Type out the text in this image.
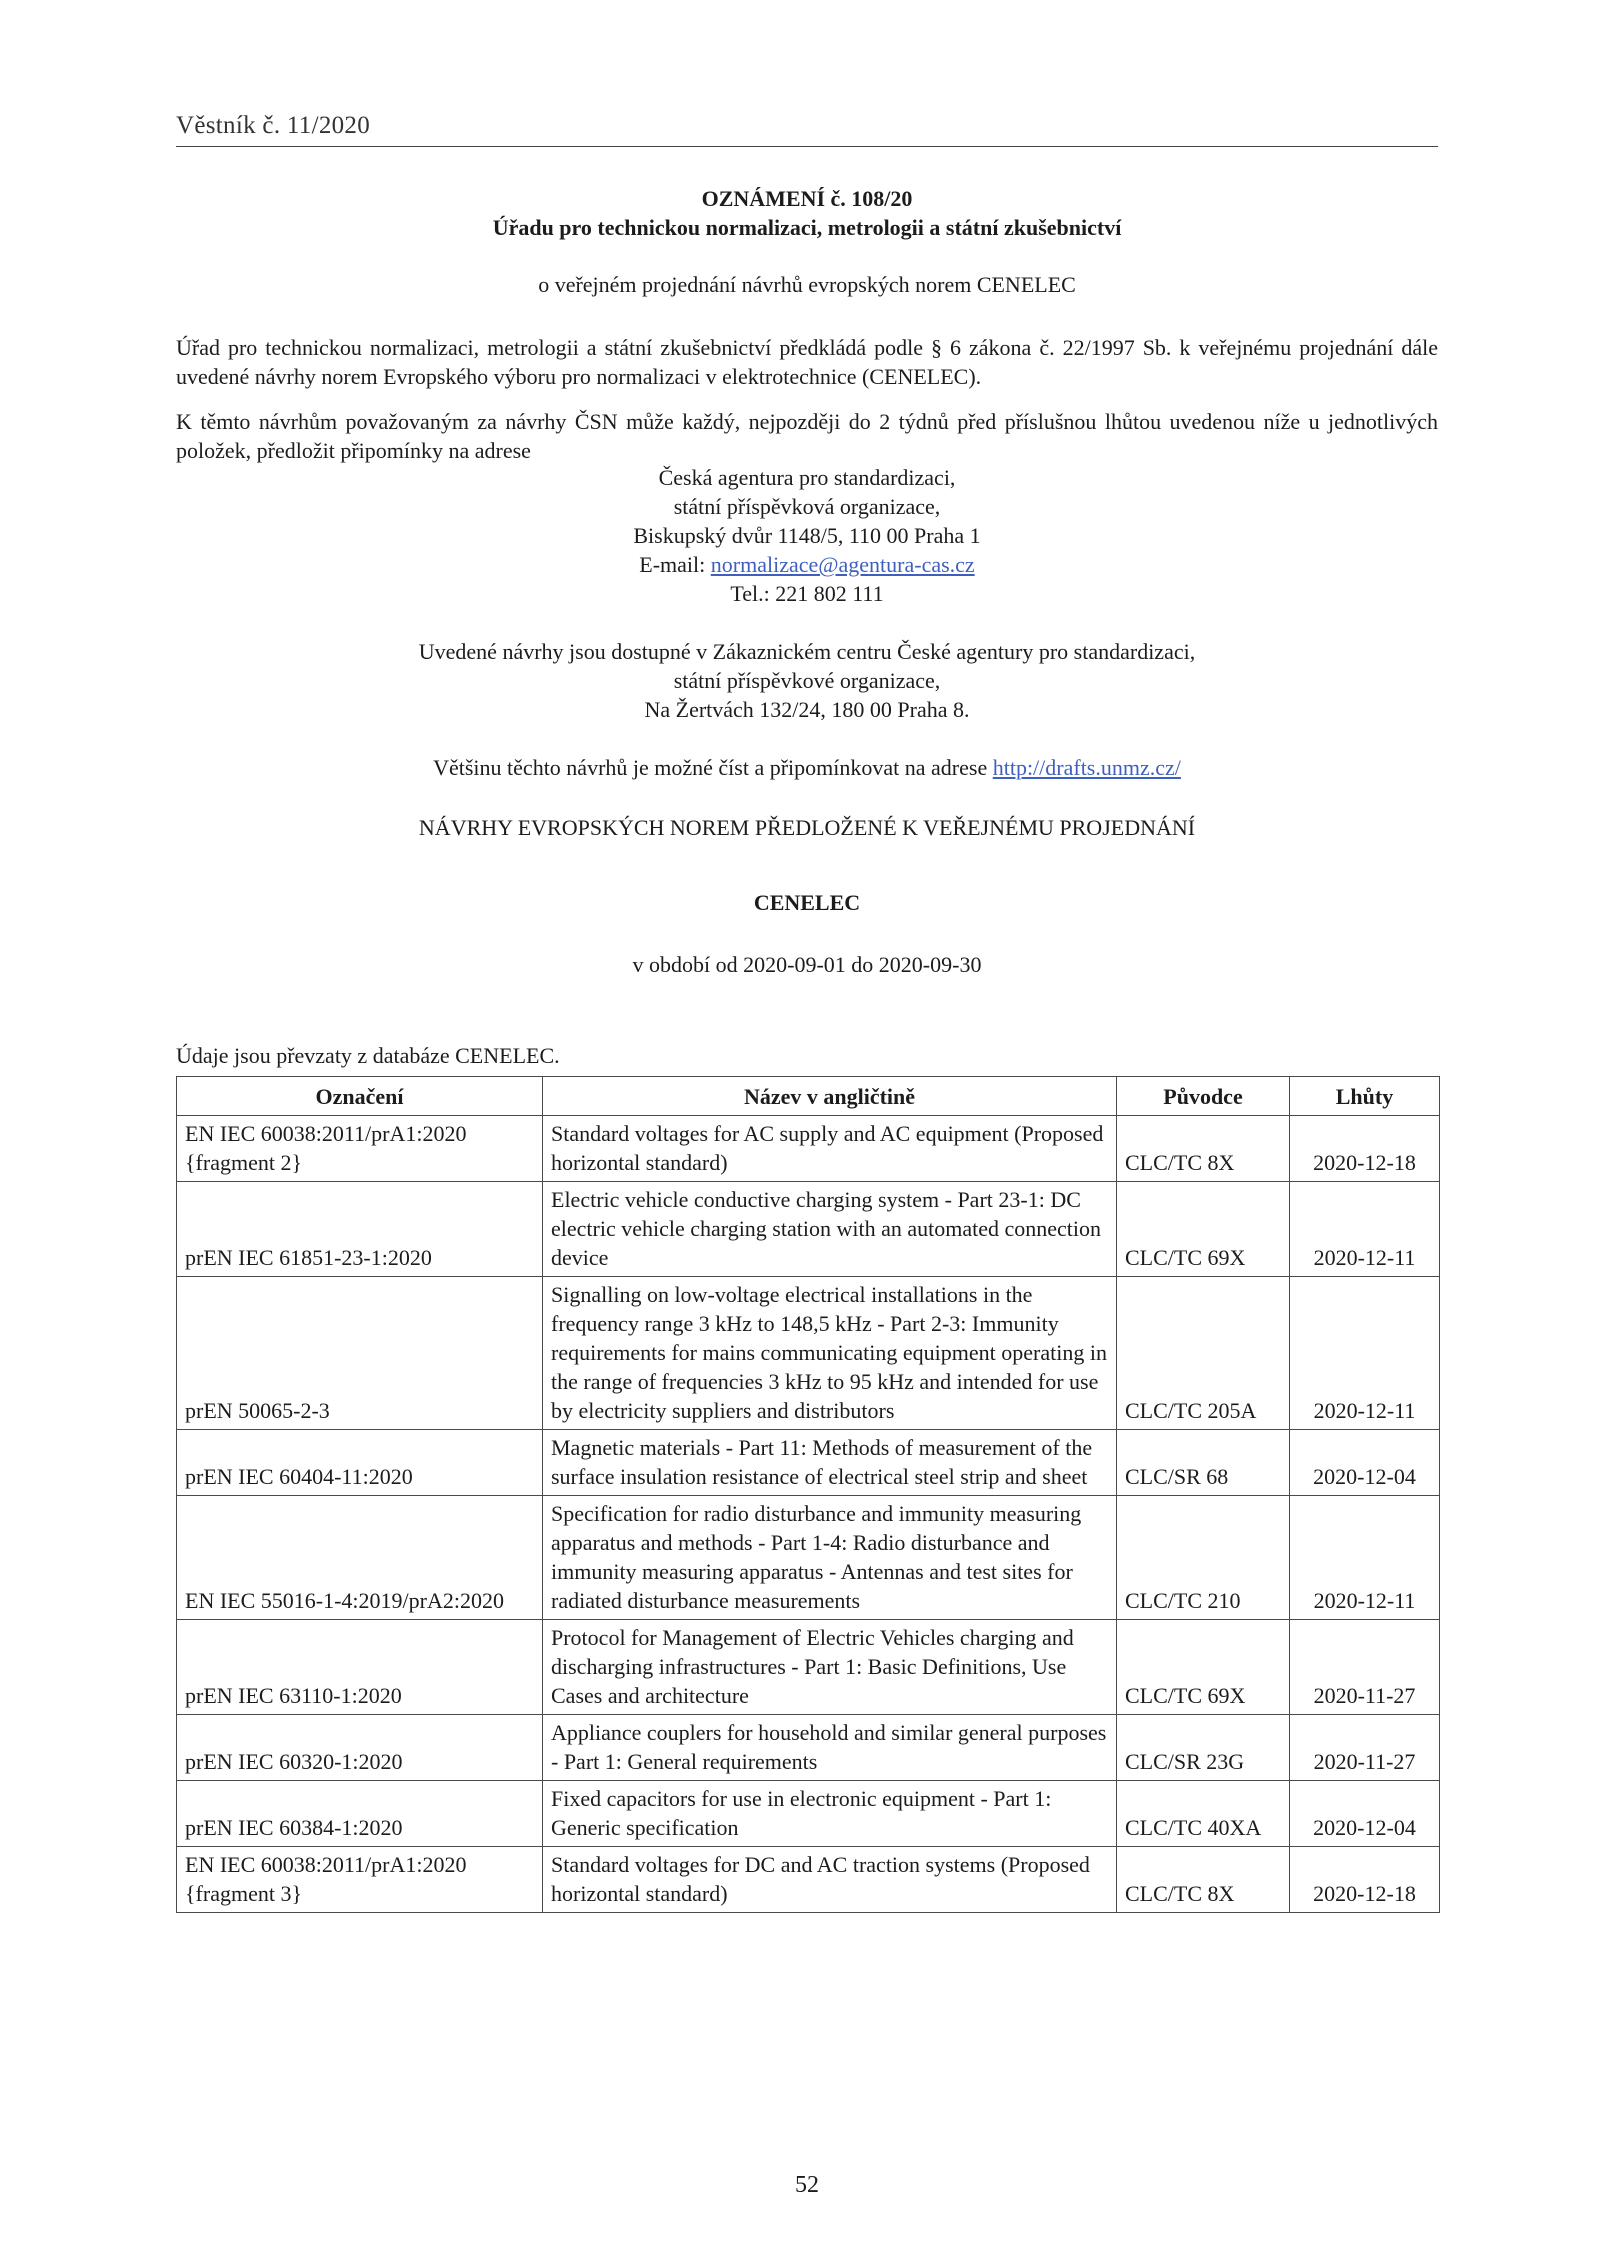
Věstník č. 11/2020
OZNÁMENÍ č. 108/20
Úřadu pro technickou normalizaci, metrologii a státní zkušebnictví
o veřejném projednání návrhů evropských norem CENELEC
Úřad pro technickou normalizaci, metrologii a státní zkušebnictví předkládá podle § 6 zákona č. 22/1997 Sb. k veřejnému projednání dále uvedené návrhy norem Evropského výboru pro normalizaci v elektrotechnice (CENELEC).
K těmto návrhům považovaným za návrhy ČSN může každý, nejpozději do 2 týdnů před příslušnou lhůtou uvedenou níže u jednotlivých položek, předložit připomínky na adrese
Česká agentura pro standardizaci,
státní příspěvková organizace,
Biskupský dvůr 1148/5, 110 00 Praha 1
E-mail: normalizace@agentura-cas.cz
Tel.: 221 802 111
Uvedené návrhy jsou dostupné v Zákaznickém centru České agentury pro standardizaci,
státní příspěvkové organizace,
Na Žertvách 132/24, 180 00 Praha 8.
Většinu těchto návrhů je možné číst a připomínkovat na adrese http://drafts.unmz.cz/
NÁVRHY EVROPSKÝCH NOREM PŘEDLOŽENÉ K VEŘEJNÉMU PROJEDNÁNÍ
CENELEC
v období od 2020-09-01 do 2020-09-30
Údaje jsou převzaty z databáze CENELEC.
Označení	Název v angličtině	Původce	Lhůty
EN IEC 60038:2011/prA1:2020 {fragment 2}	Standard voltages for AC supply and AC equipment (Proposed horizontal standard)	CLC/TC 8X	2020-12-18
prEN IEC 61851-23-1:2020	Electric vehicle conductive charging system - Part 23-1: DC electric vehicle charging station with an automated connection device	CLC/TC 69X	2020-12-11
prEN 50065-2-3	Signalling on low-voltage electrical installations in the frequency range 3 kHz to 148,5 kHz - Part 2-3: Immunity requirements for mains communicating equipment operating in the range of frequencies 3 kHz to 95 kHz and intended for use by electricity suppliers and distributors	CLC/TC 205A	2020-12-11
prEN IEC 60404-11:2020	Magnetic materials - Part 11: Methods of measurement of the surface insulation resistance of electrical steel strip and sheet	CLC/SR 68	2020-12-04
EN IEC 55016-1-4:2019/prA2:2020	Specification for radio disturbance and immunity measuring apparatus and methods - Part 1-4: Radio disturbance and immunity measuring apparatus - Antennas and test sites for radiated disturbance measurements	CLC/TC 210	2020-12-11
prEN IEC 63110-1:2020	Protocol for Management of Electric Vehicles charging and discharging infrastructures - Part 1: Basic Definitions, Use Cases and architecture	CLC/TC 69X	2020-11-27
prEN IEC 60320-1:2020	Appliance couplers for household and similar general purposes - Part 1: General requirements	CLC/SR 23G	2020-11-27
prEN IEC 60384-1:2020	Fixed capacitors for use in electronic equipment - Part 1: Generic specification	CLC/TC 40XA	2020-12-04
EN IEC 60038:2011/prA1:2020 {fragment 3}	Standard voltages for DC and AC traction systems (Proposed horizontal standard)	CLC/TC 8X	2020-12-18
52
